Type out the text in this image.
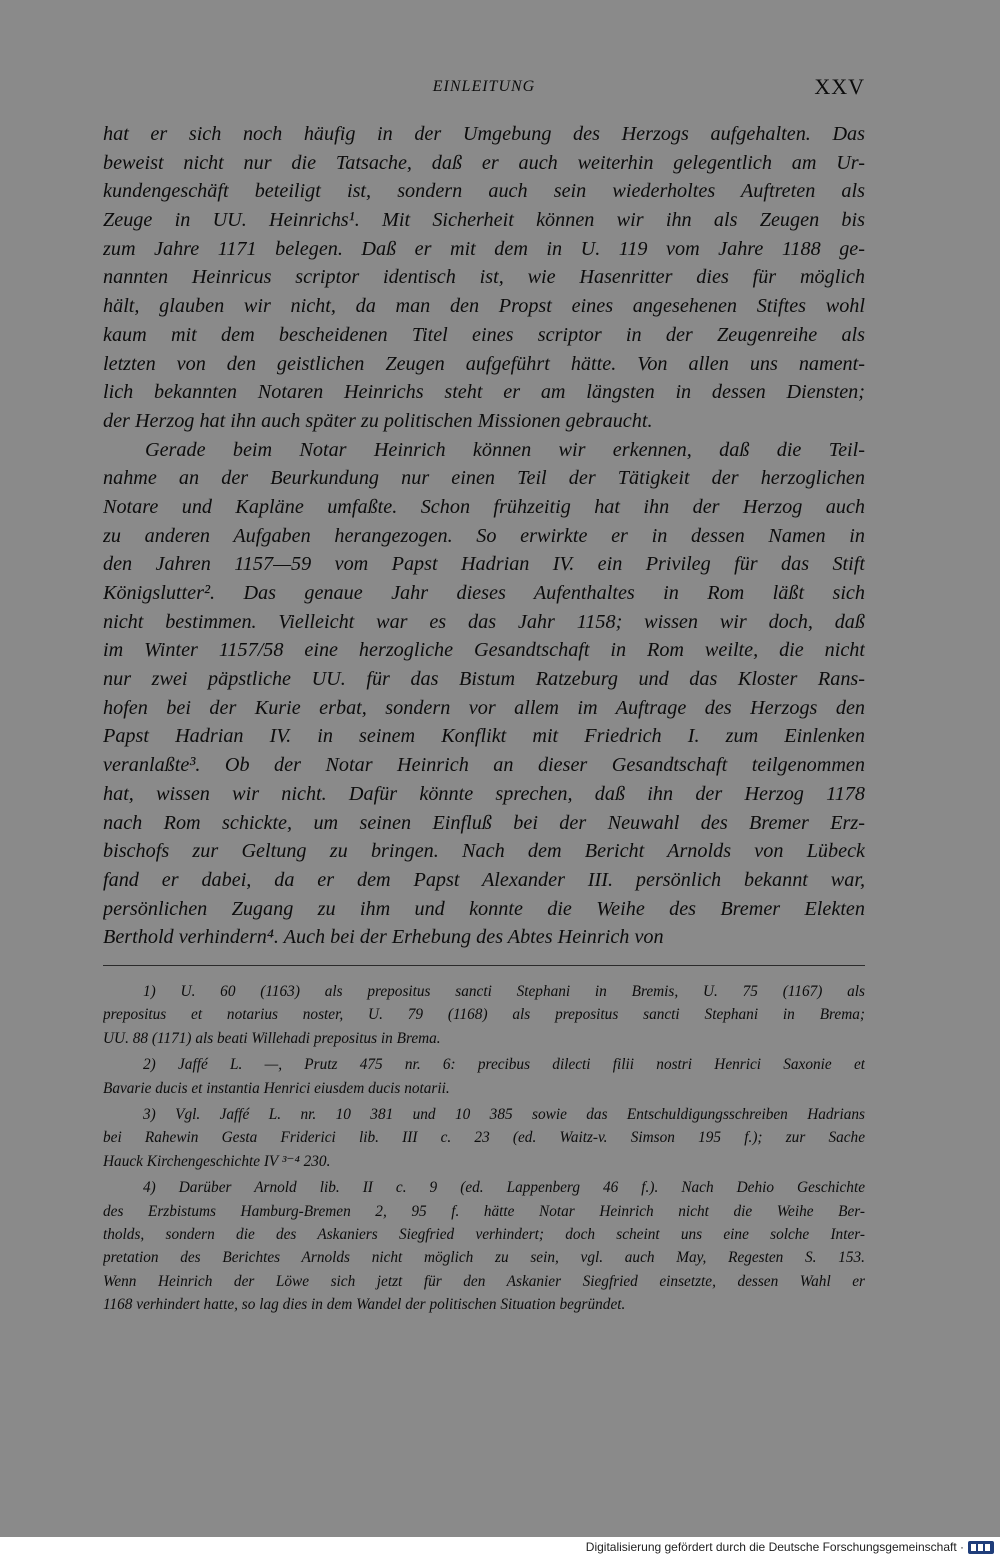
EINLEITUNG	XXV
hat er sich noch häufig in der Umgebung des Herzogs aufgehalten. Das
beweist nicht nur die Tatsache, daß er auch weiterhin gelegentlich am Ur-
kundengeschäft beteiligt ist, sondern auch sein wiederholtes Auftreten als
Zeuge in UU. Heinrichs¹. Mit Sicherheit können wir ihn als Zeugen bis
zum Jahre 1171 belegen. Daß er mit dem in U. 119 vom Jahre 1188 ge-
nannten Heinricus scriptor identisch ist, wie Hasenritter dies für möglich
hält, glauben wir nicht, da man den Propst eines angesehenen Stiftes wohl
kaum mit dem bescheidenen Titel eines scriptor in der Zeugenreihe als
letzten von den geistlichen Zeugen aufgeführt hätte. Von allen uns nament-
lich bekannten Notaren Heinrichs steht er am längsten in dessen Diensten;
der Herzog hat ihn auch später zu politischen Missionen gebraucht.
Gerade beim Notar Heinrich können wir erkennen, daß die Teil-
nahme an der Beurkundung nur einen Teil der Tätigkeit der herzoglichen
Notare und Kapläne umfaßte. Schon frühzeitig hat ihn der Herzog auch
zu anderen Aufgaben herangezogen. So erwirkte er in dessen Namen in
den Jahren 1157—59 vom Papst Hadrian IV. ein Privileg für das Stift
Königslutter². Das genaue Jahr dieses Aufenthaltes in Rom läßt sich
nicht bestimmen. Vielleicht war es das Jahr 1158; wissen wir doch, daß
im Winter 1157/58 eine herzogliche Gesandtschaft in Rom weilte, die nicht
nur zwei päpstliche UU. für das Bistum Ratzeburg und das Kloster Rans-
hofen bei der Kurie erbat, sondern vor allem im Auftrage des Herzogs den
Papst Hadrian IV. in seinem Konflikt mit Friedrich I. zum Einlenken
veranlaßte³. Ob der Notar Heinrich an dieser Gesandtschaft teilgenommen
hat, wissen wir nicht. Dafür könnte sprechen, daß ihn der Herzog 1178
nach Rom schickte, um seinen Einfluß bei der Neuwahl des Bremer Erz-
bischofs zur Geltung zu bringen. Nach dem Bericht Arnolds von Lübeck
fand er dabei, da er dem Papst Alexander III. persönlich bekannt war,
persönlichen Zugang zu ihm und konnte die Weihe des Bremer Elekten
Berthold verhindern⁴. Auch bei der Erhebung des Abtes Heinrich von
1) U. 60 (1163) als prepositus sancti Stephani in Bremis, U. 75 (1167) als
prepositus et notarius noster, U. 79 (1168) als prepositus sancti Stephani in Brema;
UU. 88 (1171) als beati Willehadi prepositus in Brema.
2) Jaffé L. —, Prutz 475 nr. 6: precibus dilecti filii nostri Henrici Saxonie et
Bavarie ducis et instantia Henrici eiusdem ducis notarii.
3) Vgl. Jaffé L. nr. 10 381 und 10 385 sowie das Entschuldigungsschreiben Hadrians
bei Rahewin Gesta Friderici lib. III c. 23 (ed. Waitz-v. Simson 195 f.); zur Sache
Hauck Kirchengeschichte IV ³⁻⁴ 230.
4) Darüber Arnold lib. II c. 9 (ed. Lappenberg 46 f.). Nach Dehio Geschichte
des Erzbistums Hamburg-Bremen 2, 95 f. hätte Notar Heinrich nicht die Weihe Ber-
tholds, sondern die des Askaniers Siegfried verhindert; doch scheint uns eine solche Inter-
pretation des Berichtes Arnolds nicht möglich zu sein, vgl. auch May, Regesten S. 153.
Wenn Heinrich der Löwe sich jetzt für den Askanier Siegfried einsetzte, dessen Wahl er
1168 verhindert hatte, so lag dies in dem Wandel der politischen Situation begründet.
Digitalisierung gefördert durch die Deutsche Forschungsgemeinschaft ·
